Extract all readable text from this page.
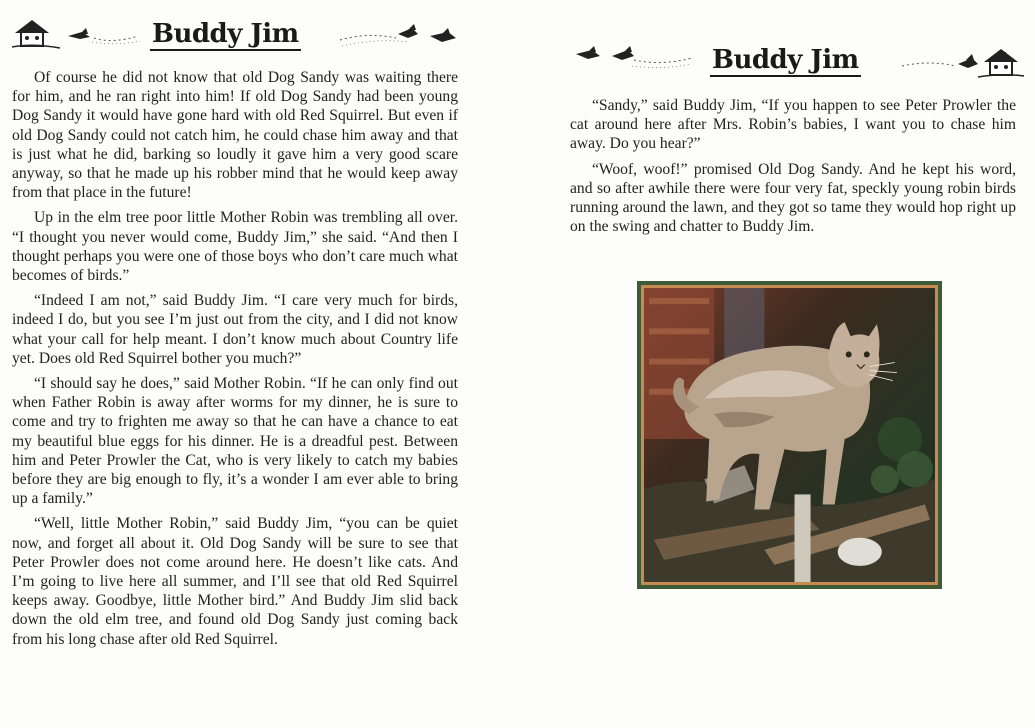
Buddy Jim

Of course he did not know that old Dog Sandy was waiting there for him, and he ran right into him! If old Dog Sandy had been young Dog Sandy it would have gone hard with old Red Squirrel. But even if old Dog Sandy could not catch him, he could chase him away and that is just what he did, barking so loudly it gave him a very good scare anyway, so that he made up his robber mind that he would keep away from that place in the future!

Up in the elm tree poor little Mother Robin was trembling all over. “I thought you never would come, Buddy Jim,” she said. “And then I thought perhaps you were one of those boys who don’t care much what becomes of birds.”

“Indeed I am not,” said Buddy Jim. “I care very much for birds, indeed I do, but you see I’m just out from the city, and I did not know what your call for help meant. I don’t know much about Country life yet. Does old Red Squirrel bother you much?”

“I should say he does,” said Mother Robin. “If he can only find out when Father Robin is away after worms for my dinner, he is sure to come and try to frighten me away so that he can have a chance to eat my beautiful blue eggs for his dinner. He is a dreadful pest. Between him and Peter Prowler the Cat, who is very likely to catch my babies before they are big enough to fly, it’s a wonder I am ever able to bring up a family.”

“Well, little Mother Robin,” said Buddy Jim, “you can be quiet now, and forget all about it. Old Dog Sandy will be sure to see that Peter Prowler does not come around here. He doesn’t like cats. And I’m going to live here all summer, and I’ll see that old Red Squirrel keeps away. Goodbye, little Mother bird.” And Buddy Jim slid back down the old elm tree, and found old Dog Sandy just coming back from his long chase after old Red Squirrel.

Buddy Jim

“Sandy,” said Buddy Jim, “If you happen to see Peter Prowler the cat around here after Mrs. Robin’s babies, I want you to chase him away. Do you hear?”

“Woof, woof!” promised Old Dog Sandy. And he kept his word, and so after awhile there were four very fat, speckly young robin birds running around the lawn, and they got so tame they would hop right up on the swing and chatter to Buddy Jim.
